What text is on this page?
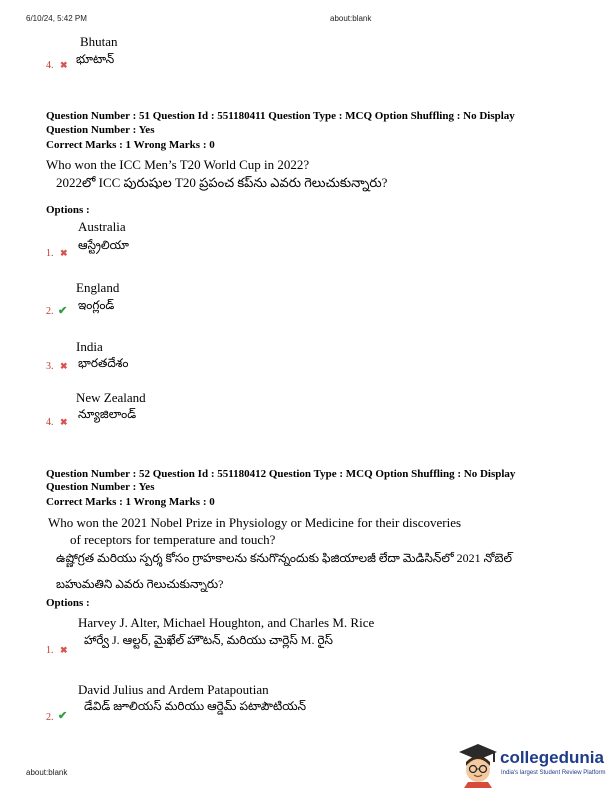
6/10/24, 5:42 PM	about:blank
Bhutan
4. ✖ భూటాన్
Question Number : 51 Question Id : 551180411 Question Type : MCQ Option Shuffling : No Display
Question Number : Yes
Correct Marks : 1 Wrong Marks : 0
Who won the ICC Men’s T20 World Cup in 2022?
2022లో ICC పురుషుల T20 ప్రపంచ కప్‌ను ఎవరు గెలుచుకున్నారు?
Options :
Australia
ఆస్ట్రేలియా
1. ✖
England
ఇంగ్లండ్
2. ✔
India
భారతదేశం
3. ✖
New Zealand
న్యూజిలాండ్
4. ✖
Question Number : 52 Question Id : 551180412 Question Type : MCQ Option Shuffling : No Display
Question Number : Yes
Correct Marks : 1 Wrong Marks : 0
Who won the 2021 Nobel Prize in Physiology or Medicine for their discoveries
of receptors for temperature and touch?
ఉష్ణోగ్రత మరియు స్పర్శ కోసం గ్రాహకాలను కనుగొన్నందుకు ఫిజియాలజీ లేదా మెడిసిన్‌లో 2021 నోబెల్
బహుమతిని ఎవరు గెలుచుకున్నారు?
Options :
Harvey J. Alter, Michael Houghton, and Charles M. Rice
హార్వే J. ఆల్టర్, మైఖేల్ హౌటన్, మరియు చార్లెస్ M. రైస్
1. ✖
David Julius and Ardem Patapoutian
డేవిడ్ జూలియస్ మరియు ఆర్డెమ్ పటాపౌటియన్
2. ✔
about:blank
collegedunia
India's largest Student Review Platform
